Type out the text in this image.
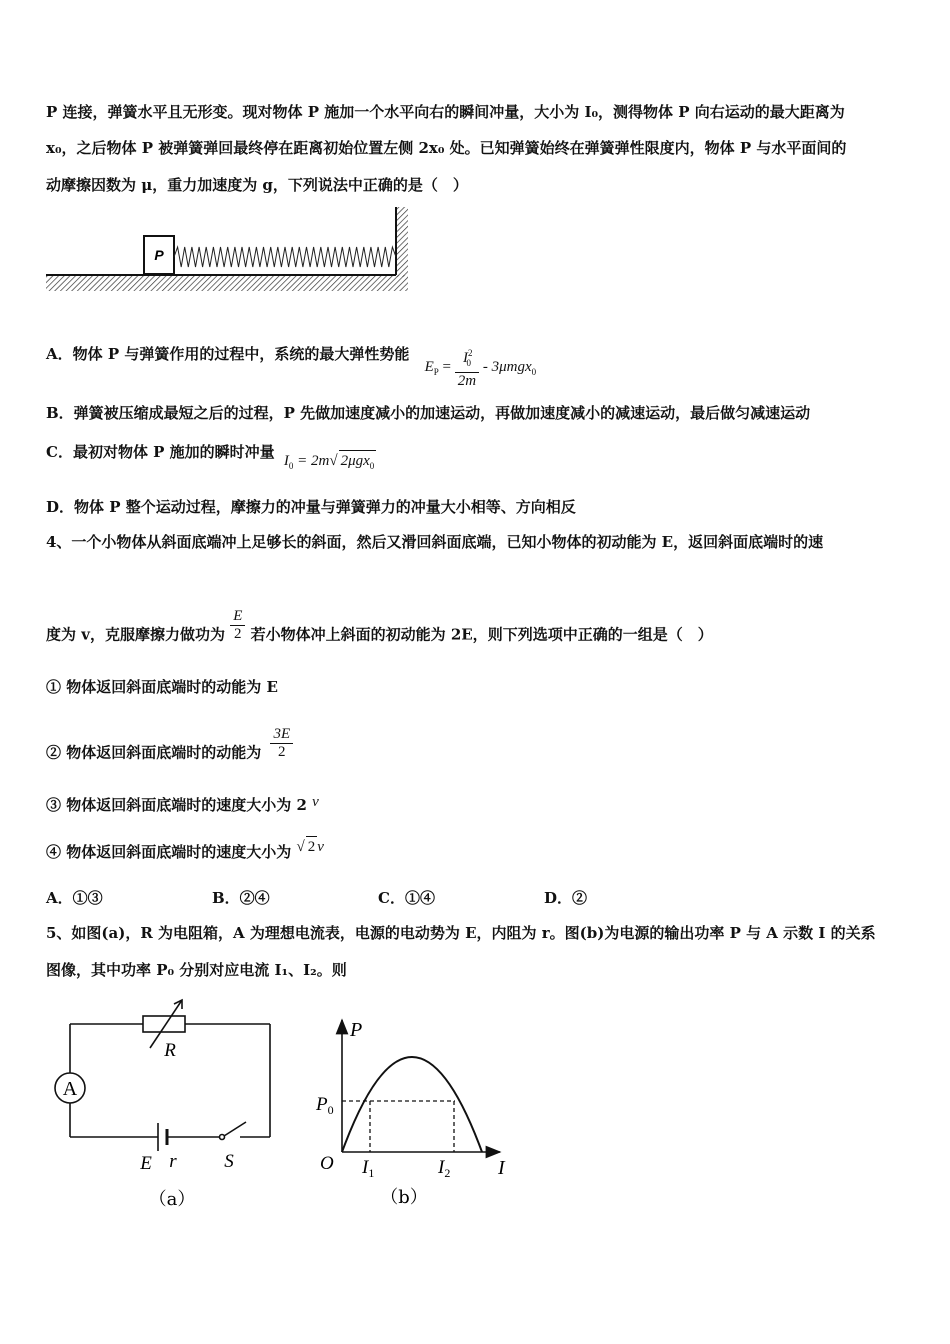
P 连接，弹簧水平且无形变。现对物体 P 施加一个水平向右的瞬间冲量，大小为 I₀，测得物体 P 向右运动的最大距离为
x₀，之后物体 P 被弹簧弹回最终停在距离初始位置左侧 2x₀ 处。已知弹簧始终在弹簧弹性限度内，物体 P 与水平面间的
动摩擦因数为 μ，重力加速度为 g，下列说法中正确的是（　）
P
A．物体 P 与弹簧作用的过程中，系统的最大弹性势能 $E_P = \frac{I^2_0}{2m} - 3\mu mgx_0$
B．弹簧被压缩成最短之后的过程，P 先做加速度减小的加速运动，再做加速度减小的减速运动，最后做匀减速运动
C．最初对物体 P 施加的瞬时冲量 $I_0 = 2m√$ 2μgx$_0$
D．物体 P 整个运动过程，摩擦力的冲量与弹簧弹力的冲量大小相等、方向相反
4、一个小物体从斜面底端冲上足够长的斜面，然后又滑回斜面底端，已知小物体的初动能为 E，返回斜面底端时的速
度为 v，克服摩擦力做功为 $\frac{E}{2}$ 若小物体冲上斜面的初动能为 2E，则下列选项中正确的一组是（　）
① 物体返回斜面底端时的动能为 E
② 物体返回斜面底端时的动能为 $\frac{3E}{2}$
③ 物体返回斜面底端时的速度大小为 2 v
④ 物体返回斜面底端时的速度大小为 √ 2 v
A．①③	B．②④	C．①④	D．②
5、如图(a)，R 为电阻箱，A 为理想电流表，电源的电动势为 E，内阻为 r。图(b)为电源的输出功率 P 与 A 示数 I 的关系
图像，其中功率 P₀ 分别对应电流 I₁、I₂。则
A
R
E r	S
（a）
P
I
O
$P_0$
$I_1$	$I_2$
（b）
